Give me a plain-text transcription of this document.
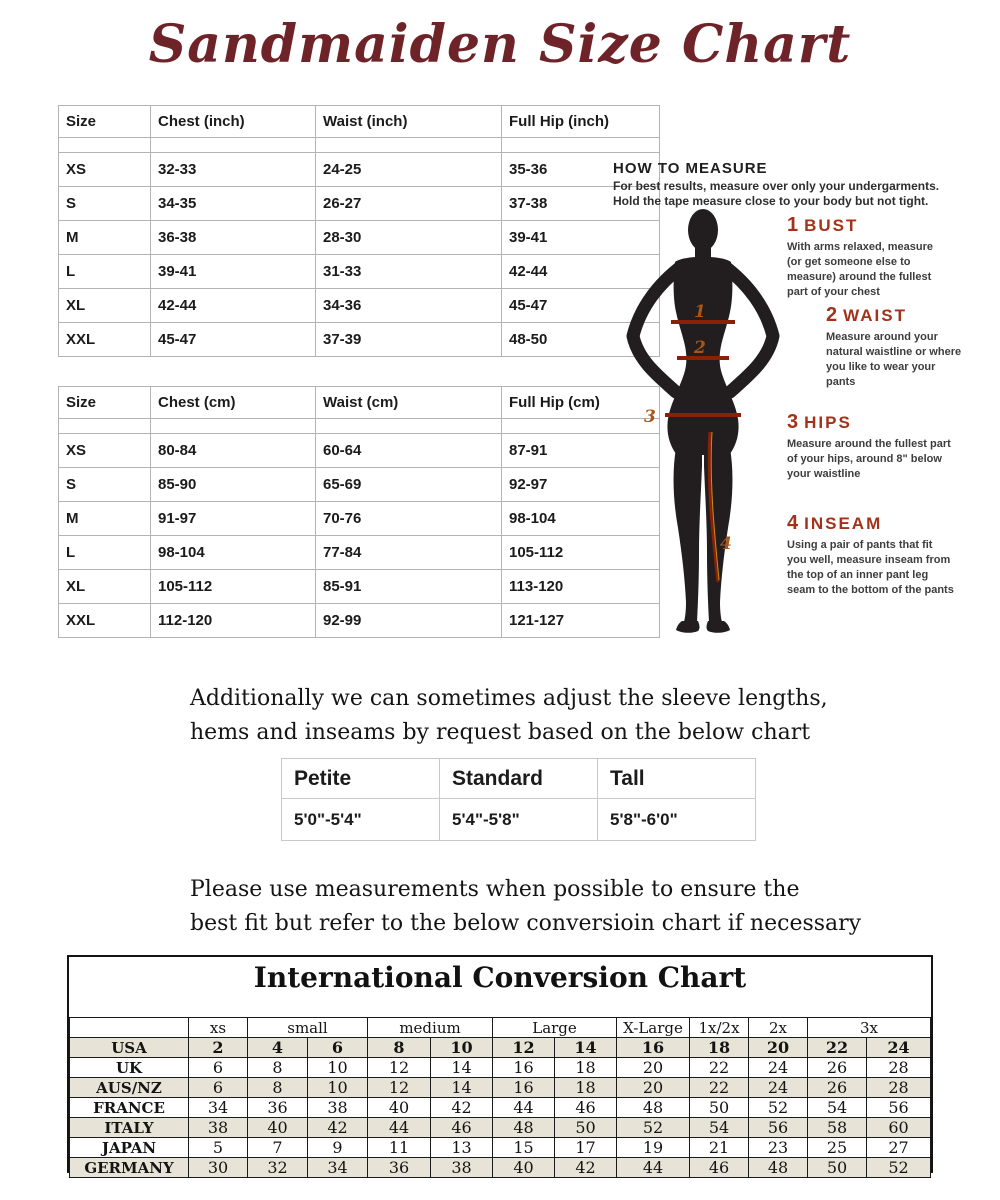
Sandmaiden Size Chart
Size	Chest (inch)	Waist (inch)	Full Hip (inch)

XS	32-33	24-25	35-36
S	34-35	26-27	37-38
M	36-38	28-30	39-41
L	39-41	31-33	42-44
XL	42-44	34-36	45-47
XXL	45-47	37-39	48-50
Size	Chest (cm)	Waist (cm)	Full Hip (cm)

XS	80-84	60-64	87-91
S	85-90	65-69	92-97
M	91-97	70-76	98-104
L	98-104	77-84	105-112
XL	105-112	85-91	113-120
XXL	112-120	92-99	121-127
HOW TO MEASURE
For best results, measure over only your undergarments.
Hold the tape measure close to your body but not tight.
1
2
3
4
1 BUST
With arms relaxed, measure (or get someone else to measure) around the fullest part of your chest
2 WAIST
Measure around your natural waistline or where you like to wear your pants
3 HIPS
Measure around the fullest part of your hips, around 8" below your waistline
4 INSEAM
Using a pair of pants that fit you well, measure inseam from the top of an inner pant leg seam to the bottom of the pants
Additionally we can sometimes adjust the sleeve lengths,
hems and inseams by request based on the below chart
Petite	Standard	Tall
5'0"-5'4"	5'4"-5'8"	5'8"-6'0"
Please use measurements when possible to ensure the
best fit but refer to the below conversioin chart if necessary
International Conversion Chart
	xs	small		medium		Large		X-Large	1x/2x	2x	3x	
USA	2	4	6	8	10	12	14	16	18	20	22	24
UK	6	8	10	12	14	16	18	20	22	24	26	28
AUS/NZ	6	8	10	12	14	16	18	20	22	24	26	28
FRANCE	34	36	38	40	42	44	46	48	50	52	54	56
ITALY	38	40	42	44	46	48	50	52	54	56	58	60
JAPAN	5	7	9	11	13	15	17	19	21	23	25	27
GERMANY	30	32	34	36	38	40	42	44	46	48	50	52
